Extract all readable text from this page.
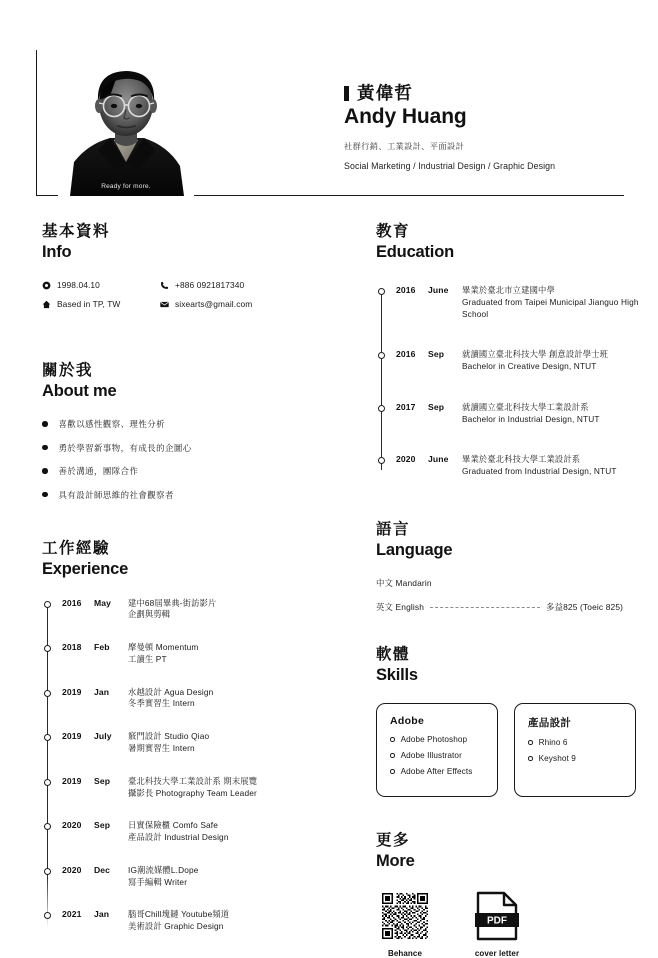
Ready for more.
黃偉哲
Andy Huang
社群行銷、工業設計、平面設計
Social Marketing / Industrial Design / Graphic Design
基本資料
Info
1998.04.10	+886 0921817340
Based in TP, TW	sixearts@gmail.com
關於我
About me
喜歡以感性觀察、理性分析
勇於學習新事物，有成長的企圖心
善於溝通，團隊合作
具有設計師思維的社會觀察者
工作經驗
Experience
2016	May	建中68屆畢典-街訪影片
企劃與剪輯
2018	Feb	摩曼頓 Momentum
工讀生 PT
2019	Jan	水越設計 Agua Design
冬季實習生 Intern
2019	July	竅門設計 Studio Qiao
暑期實習生 Intern
2019	Sep	臺北科技大學工業設計系 期末展覽
攝影長 Photography Team Leader
2020	Sep	日實保險櫃 Comfo Safe
產品設計 Industrial Design
2020	Dec	IG潮流媒體L.Dope
寫手編輯 Writer
2021	Jan	腦哥Chill塊鏈 Youtube頻道
美術設計 Graphic Design
教育
Education
2016	June	畢業於臺北市立建國中學
Graduated from Taipei Municipal Jianguo High School
2016	Sep	就讀國立臺北科技大學 創意設計學士班
Bachelor in Creative Design, NTUT
2017	Sep	就讀國立臺北科技大學工業設計系
Bachelor in Industrial Design, NTUT
2020	June	畢業於臺北科技大學工業設計系
Graduated from Industrial Design, NTUT
語言
Language
中文 Mandarin
英文 English	多益825 (Toeic 825)
軟體
Skills
Adobe
Adobe Photoshop
Adobe Illustrator
Adobe After Effects
產品設計
Rhino 6
Keyshot 9
更多
More
Behance
PDF
cover letter
